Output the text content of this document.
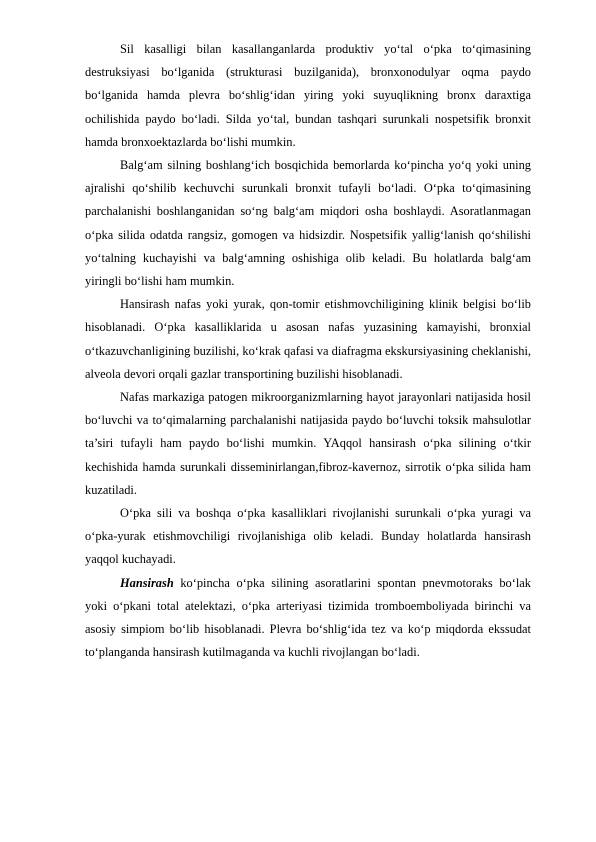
Sil kasalligi bilan kasallanganlarda produktiv yo‘tal o‘pka to‘qimasining destruksiyasi bo‘lganida (strukturasi buzilganida), bronxonodulyar oqma paydo bo‘lganida hamda plevra bo‘shlig‘idan yiring yoki suyuqlikning bronx daraxtiga ochilishida paydo bo‘ladi. Silda yo‘tal, bundan tashqari surunkali nospetsifik bronxit hamda bronxoektazlarda bo‘lishi mumkin.

Balg‘am silning boshlang‘ich bosqichida bemorlarda ko‘pincha yo‘q yoki uning ajralishi qo‘shilib kechuvchi surunkali bronxit tufayli bo‘ladi. O‘pka to‘qimasining parchalanishi boshlanganidan so‘ng balg‘am miqdori osha boshlaydi. Asoratlanmagan o‘pka silida odatda rangsiz, gomogen va hidsizdir. Nospetsifik yallig‘lanish qo‘shilishi yo‘talning kuchayishi va balg‘amning oshishiga olib keladi. Bu holatlarda balg‘am yiringli bo‘lishi ham mumkin.

Hansirash nafas yoki yurak, qon-tomir etishmovchiligining klinik belgisi bo‘lib hisoblanadi. O‘pka kasalliklarida u asosan nafas yuzasining kamayishi, bronxial o‘tkazuvchanligining buzilishi, ko‘krak qafasi va diafragma ekskursiyasining cheklanishi, alveola devori orqali gazlar transportining buzilishi hisoblanadi.

Nafas markaziga patogen mikroorganizmlarning hayot jarayonlari natijasida hosil bo‘luvchi va to‘qimalarning parchalanishi natijasida paydo bo‘luvchi toksik mahsulotlar ta’siri tufayli ham paydo bo‘lishi mumkin. YAqqol hansirash o‘pka silining o‘tkir kechishida hamda surunkali disseminirlangan,fibroz-kavernoz, sirrotik o‘pka silida ham kuzatiladi.

O‘pka sili va boshqa o‘pka kasalliklari rivojlanishi surunkali o‘pka yuragi va o‘pka-yurak etishmovchiligi rivojlanishiga olib keladi. Bunday holatlarda hansirash yaqqol kuchayadi.

Hansirash ko‘pincha o‘pka silining asoratlarini spontan pnevmotoraks bo‘lak yoki o‘pkani total atelektazi, o‘pka arteriyasi tizimida tromboemboliyada birinchi va asosiy simpiom bo‘lib hisoblanadi. Plevra bo‘shlig‘ida tez va ko‘p miqdorda ekssudat to‘planganda hansirash kutilmaganda va kuchli rivojlangan bo‘ladi.
